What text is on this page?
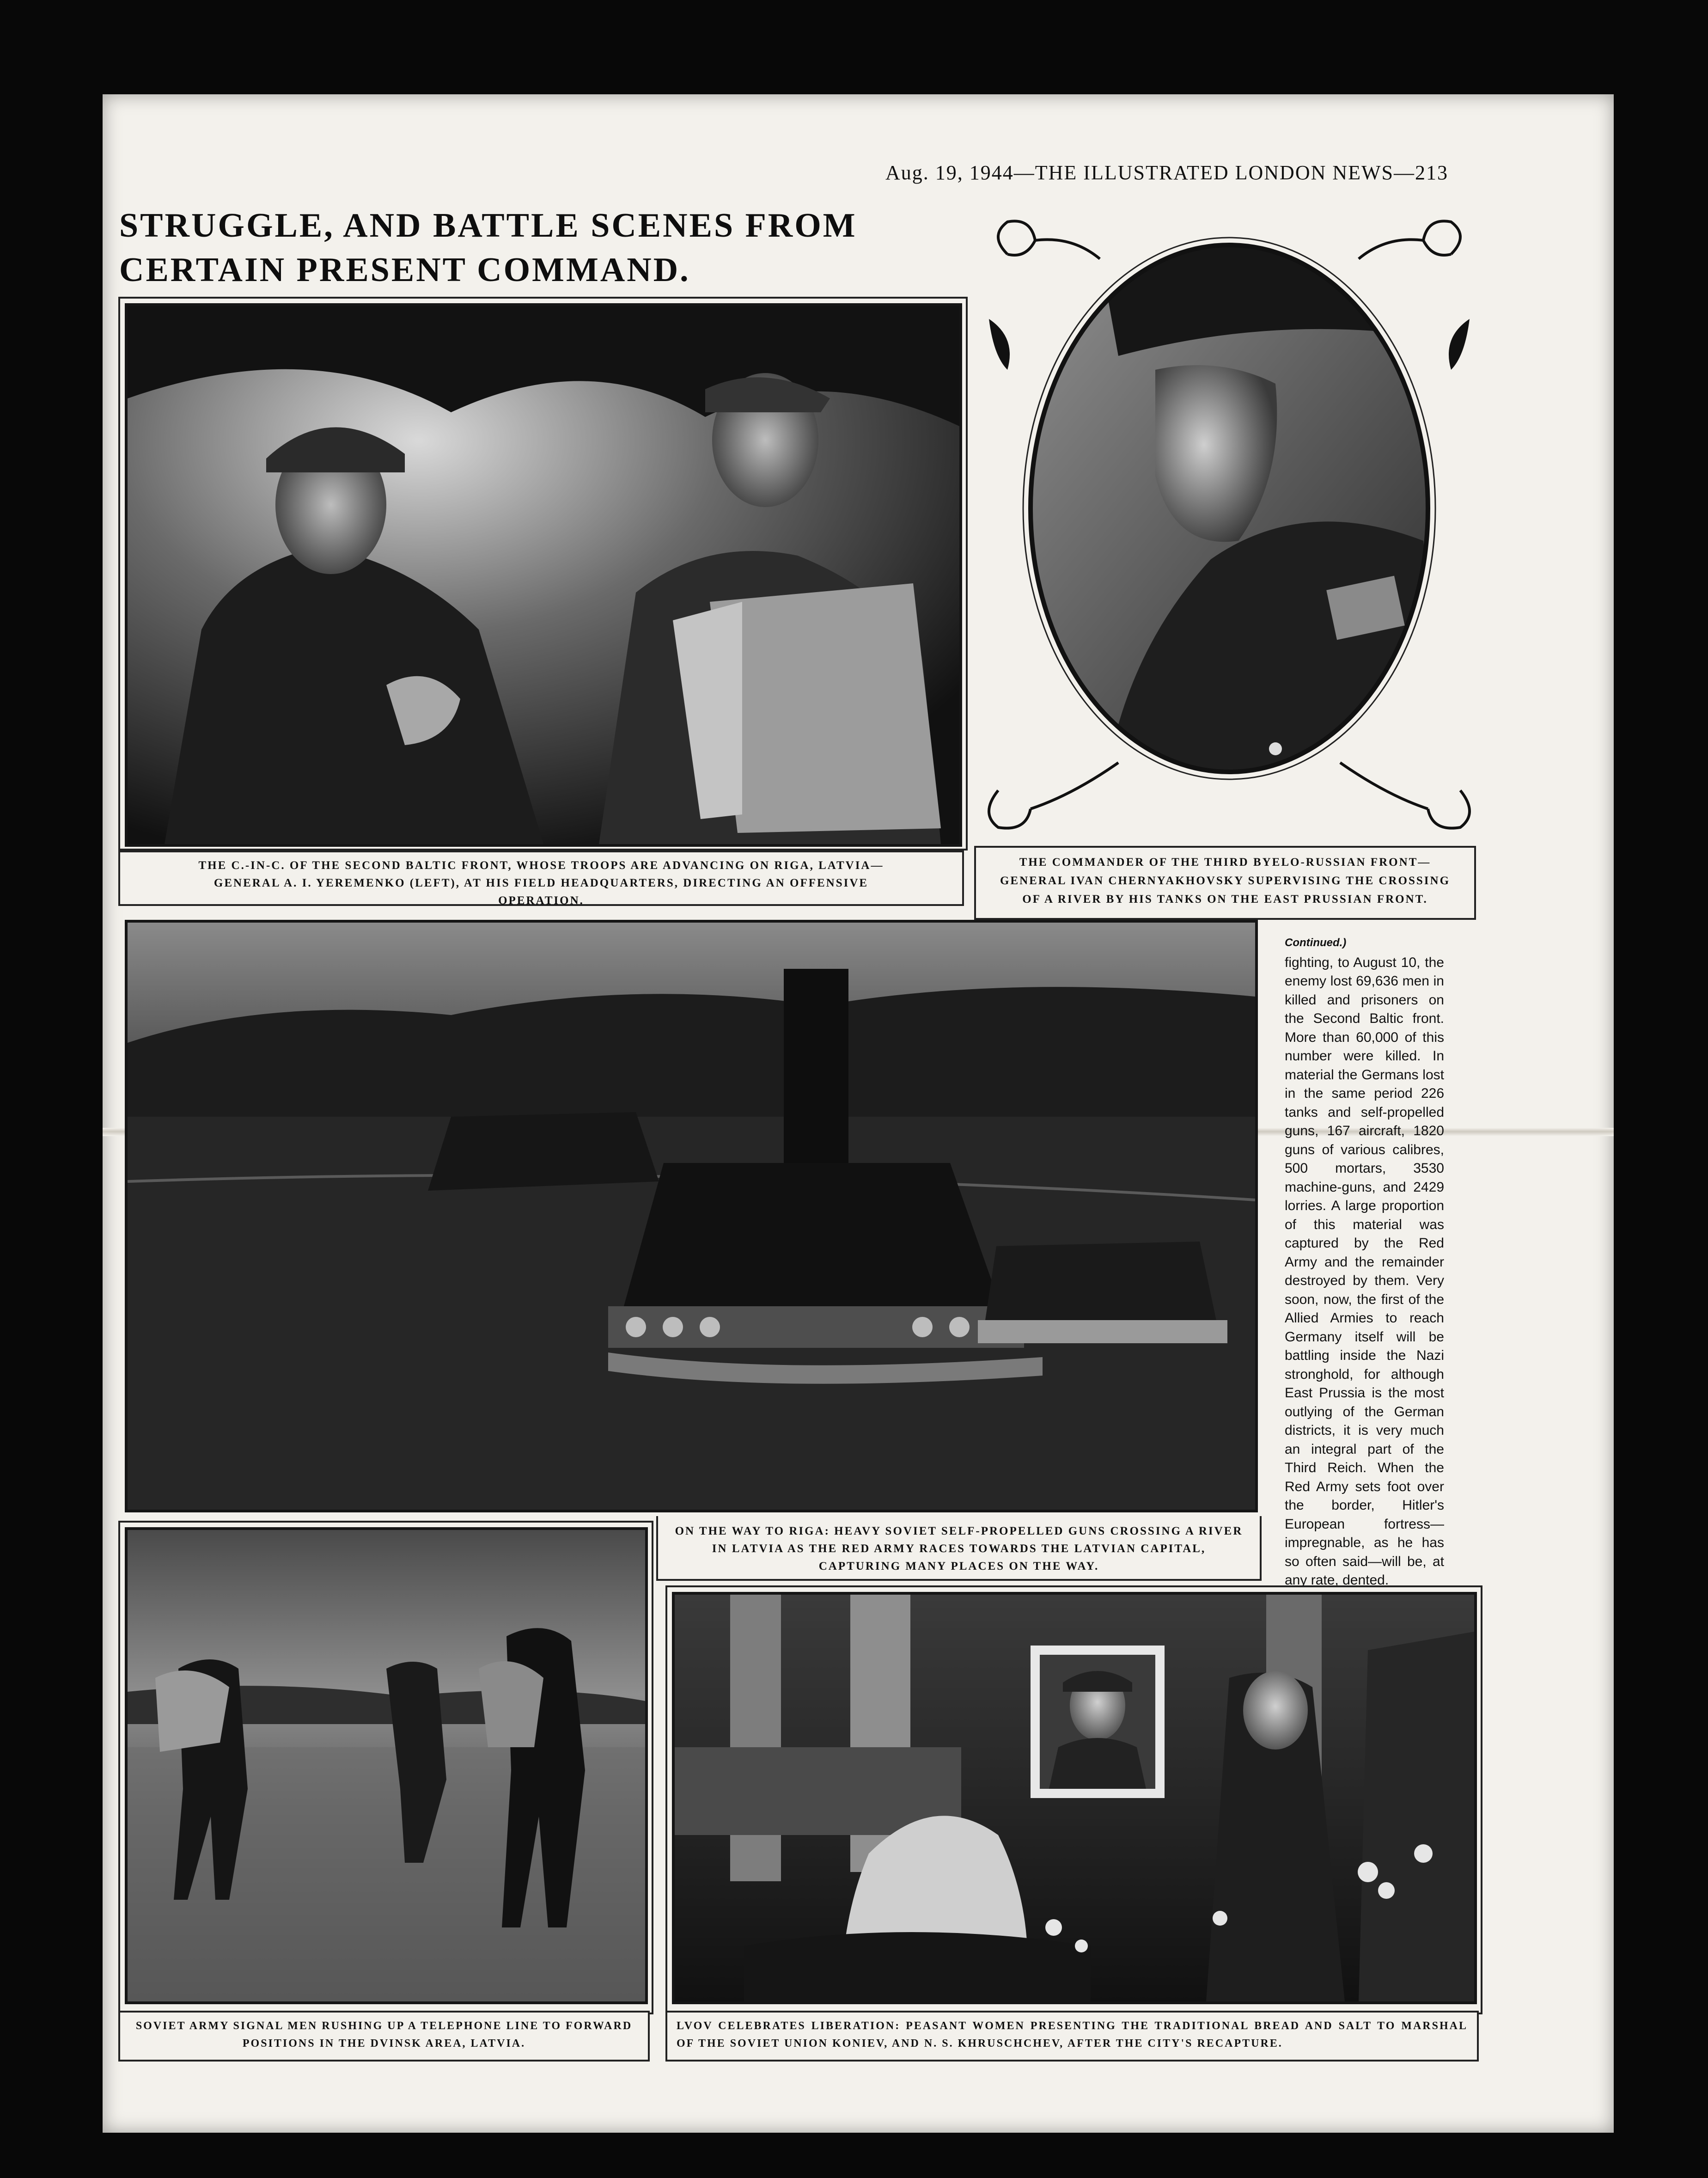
Aug. 19, 1944—THE ILLUSTRATED LONDON NEWS—213
STRUGGLE, AND BATTLE SCENES FROM CERTAIN PRESENT COMMAND.
THE C.-IN-C. OF THE SECOND BALTIC FRONT, WHOSE TROOPS ARE ADVANCING ON RIGA, LATVIA— GENERAL A. I. YEREMENKO (LEFT), AT HIS FIELD HEADQUARTERS, DIRECTING AN OFFENSIVE OPERATION.
THE COMMANDER OF THE THIRD BYELO-RUSSIAN FRONT—GENERAL IVAN CHERNYAKHOVSKY SUPERVISING THE CROSSING OF A RIVER BY HIS TANKS ON THE EAST PRUSSIAN FRONT.
Continued.)
fighting, to August 10, the enemy lost 69,636 men in killed and prisoners on the Second Baltic front. More than 60,000 of this number were killed. In material the Germans lost in the same period 226 tanks and self-propelled guns, 167 aircraft, 1820 guns of various calibres, 500 mortars, 3530 machine-guns, and 2429 lorries. A large proportion of this material was captured by the Red Army and the remainder destroyed by them. Very soon, now, the first of the Allied Armies to reach Germany itself will be battling inside the Nazi stronghold, for although East Prussia is the most outlying of the German districts, it is very much an integral part of the Third Reich. When the Red Army sets foot over the border, Hitler's European fortress—impregnable, as he has so often said—will be, at any rate, dented.
ON THE WAY TO RIGA: HEAVY SOVIET SELF-PROPELLED GUNS CROSSING A RIVER IN LATVIA AS THE RED ARMY RACES TOWARDS THE LATVIAN CAPITAL, CAPTURING MANY PLACES ON THE WAY.
SOVIET ARMY SIGNAL MEN RUSHING UP A TELEPHONE LINE TO FORWARD POSITIONS IN THE DVINSK AREA, LATVIA.
LVOV CELEBRATES LIBERATION: PEASANT WOMEN PRESENTING THE TRADITIONAL BREAD AND SALT TO MARSHAL OF THE SOVIET UNION KONIEV, AND N. S. KHRUSCHCHEV, AFTER THE CITY'S RECAPTURE.
